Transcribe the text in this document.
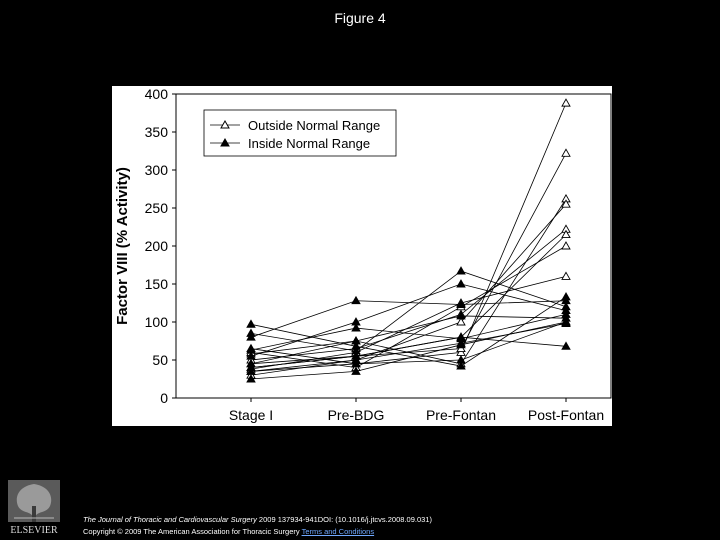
Figure 4
0
50
100
150
200
250
300
350
400
Stage I	Pre-BDG	Pre-Fontan Post-Fontan
Outside Normal Range
Inside Normal Range
Factor VIII (% Activity)
ELSEVIER
The Journal of Thoracic and Cardiovascular Surgery 2009 137934-941DOI: (10.1016/j.jtcvs.2008.09.031)
Copyright © 2009 The American Association for Thoracic Surgery Terms and Conditions
